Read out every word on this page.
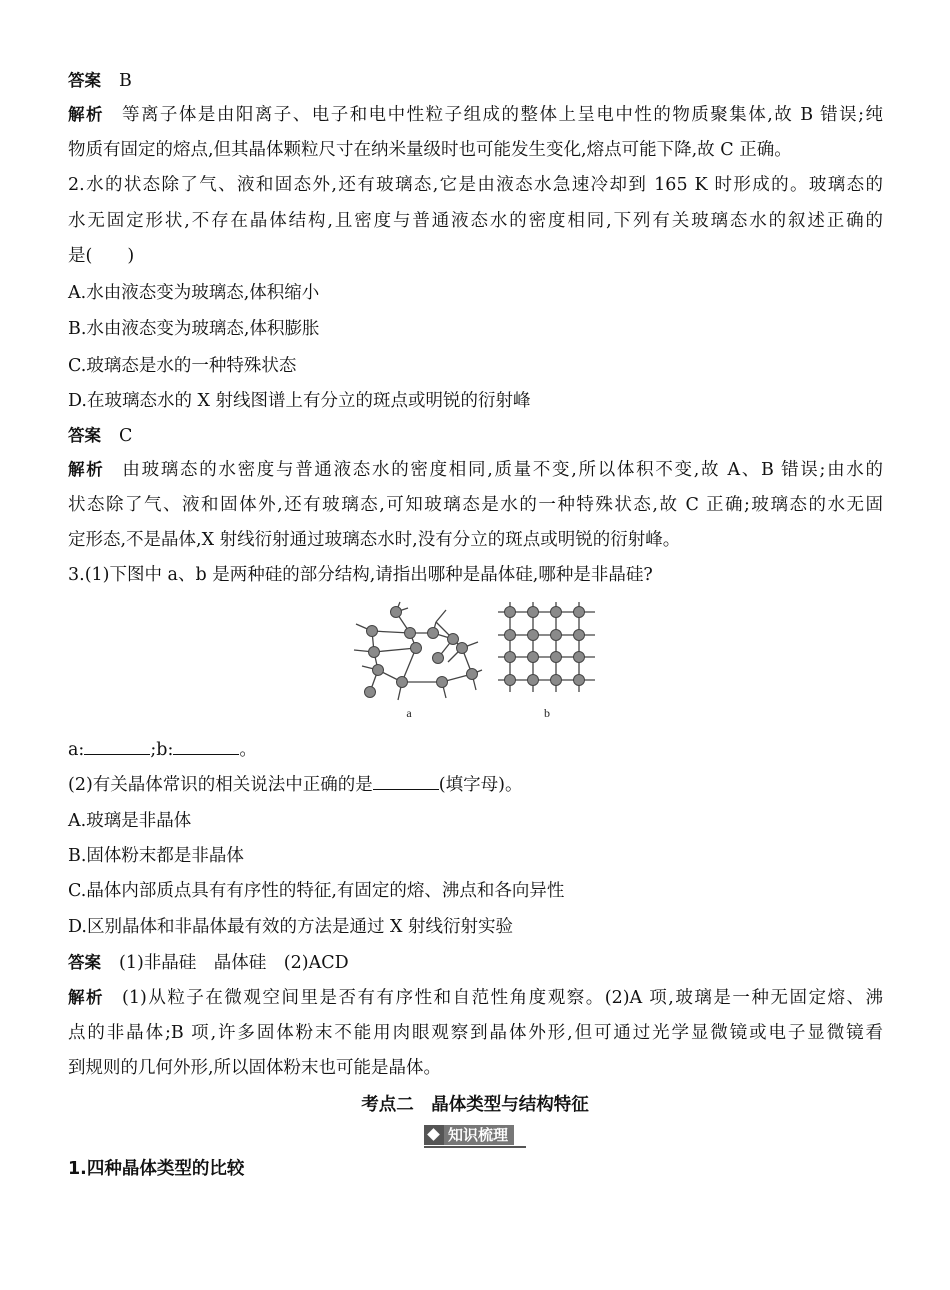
答案 B
解析 等离子体是由阳离子、电子和电中性粒子组成的整体上呈电中性的物质聚集体,故 B 错误;纯
物质有固定的熔点,但其晶体颗粒尺寸在纳米量级时也可能发生变化,熔点可能下降,故 C 正确。
2.水的状态除了气、液和固态外,还有玻璃态,它是由液态水急速冷却到 165 K 时形成的。玻璃态的
水无固定形状,不存在晶体结构,且密度与普通液态水的密度相同,下列有关玻璃态水的叙述正确的
是(　　)
A.水由液态变为玻璃态,体积缩小
B.水由液态变为玻璃态,体积膨胀
C.玻璃态是水的一种特殊状态
D.在玻璃态水的 X 射线图谱上有分立的斑点或明锐的衍射峰
答案 C
解析 由玻璃态的水密度与普通液态水的密度相同,质量不变,所以体积不变,故 A、B 错误;由水的
状态除了气、液和固体外,还有玻璃态,可知玻璃态是水的一种特殊状态,故 C 正确;玻璃态的水无固
定形态,不是晶体,X 射线衍射通过玻璃态水时,没有分立的斑点或明锐的衍射峰。
3.(1)下图中 a、b 是两种硅的部分结构,请指出哪种是晶体硅,哪种是非晶硅?
a	b
a:	;b:	。
(2)有关晶体常识的相关说法中正确的是	(填字母)。
A.玻璃是非晶体
B.固体粉末都是非晶体
C.晶体内部质点具有有序性的特征,有固定的熔、沸点和各向异性
D.区别晶体和非晶体最有效的方法是通过 X 射线衍射实验
答案 (1)非晶硅　晶体硅　(2)ACD
解析 (1)从粒子在微观空间里是否有有序性和自范性角度观察。(2)A 项,玻璃是一种无固定熔、沸
点的非晶体;B 项,许多固体粉末不能用肉眼观察到晶体外形,但可通过光学显微镜或电子显微镜看
到规则的几何外形,所以固体粉末也可能是晶体。
考点二　晶体类型与结构特征
知识梳理
1.四种晶体类型的比较
